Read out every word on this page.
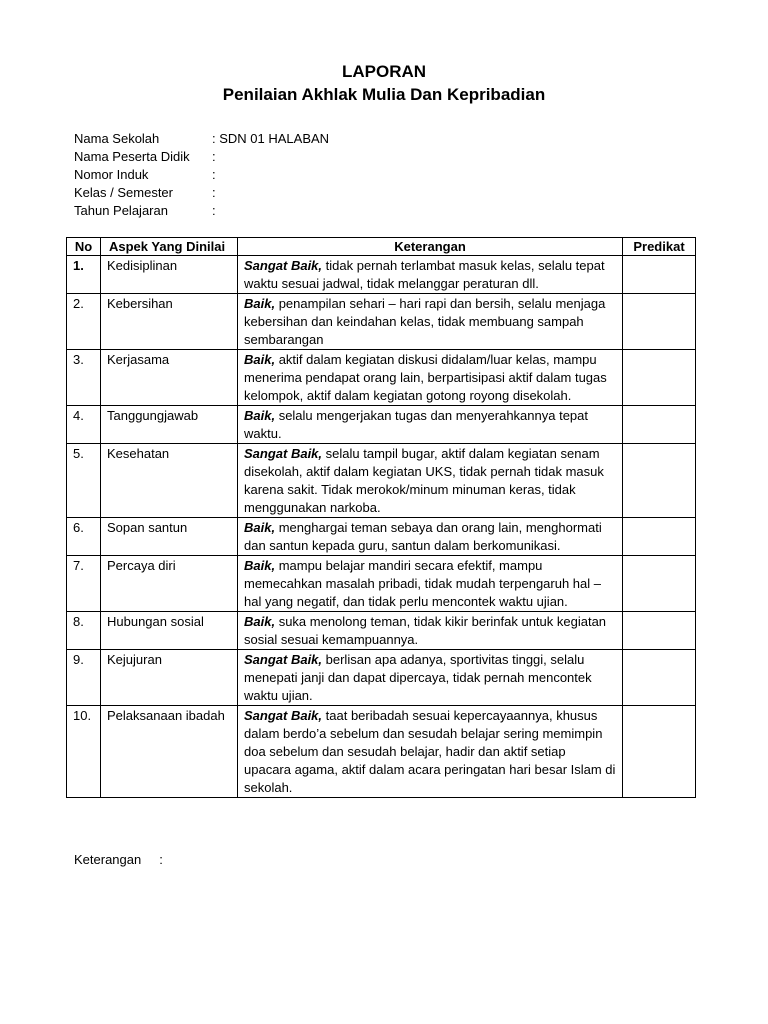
LAPORAN
Penilaian Akhlak Mulia Dan Kepribadian
Nama Sekolah	: SDN 01 HALABAN
Nama Peserta Didik	:
Nomor Induk	:
Kelas / Semester	:
Tahun Pelajaran	:
No	Aspek Yang Dinilai	Keterangan	Predikat
1.	Kedisiplinan	Sangat Baik, tidak pernah terlambat masuk kelas, selalu tepat waktu sesuai jadwal, tidak melanggar peraturan dll.	
2.	Kebersihan	Baik, penampilan sehari – hari rapi dan bersih, selalu menjaga kebersihan dan keindahan kelas, tidak membuang sampah sembarangan	
3.	Kerjasama	Baik, aktif dalam kegiatan diskusi didalam/luar kelas, mampu menerima pendapat orang lain, berpartisipasi aktif dalam tugas kelompok, aktif dalam kegiatan gotong royong disekolah.	
4.	Tanggungjawab	Baik, selalu mengerjakan tugas dan menyerahkannya tepat waktu.	
5.	Kesehatan	Sangat Baik, selalu tampil bugar, aktif dalam kegiatan senam disekolah, aktif dalam kegiatan UKS, tidak pernah tidak masuk karena sakit. Tidak merokok/minum minuman keras, tidak menggunakan narkoba.	
6.	Sopan santun	Baik, menghargai teman sebaya dan orang lain, menghormati dan santun kepada guru, santun dalam berkomunikasi.	
7.	Percaya diri	Baik, mampu belajar mandiri secara efektif, mampu memecahkan masalah pribadi, tidak mudah terpengaruh hal – hal yang negatif, dan tidak perlu mencontek waktu ujian.	
8.	Hubungan sosial	Baik, suka menolong teman, tidak kikir berinfak untuk kegiatan sosial sesuai kemampuannya.	
9.	Kejujuran	Sangat Baik, berlisan apa adanya, sportivitas tinggi, selalu menepati janji dan dapat dipercaya, tidak pernah mencontek waktu ujian.	
10.	Pelaksanaan ibadah	Sangat Baik, taat beribadah sesuai kepercayaannya, khusus dalam berdo’a sebelum dan sesudah belajar sering memimpin doa sebelum dan sesudah belajar, hadir dan aktif setiap upacara agama, aktif dalam acara peringatan hari besar Islam di sekolah.	
Keterangan     :
